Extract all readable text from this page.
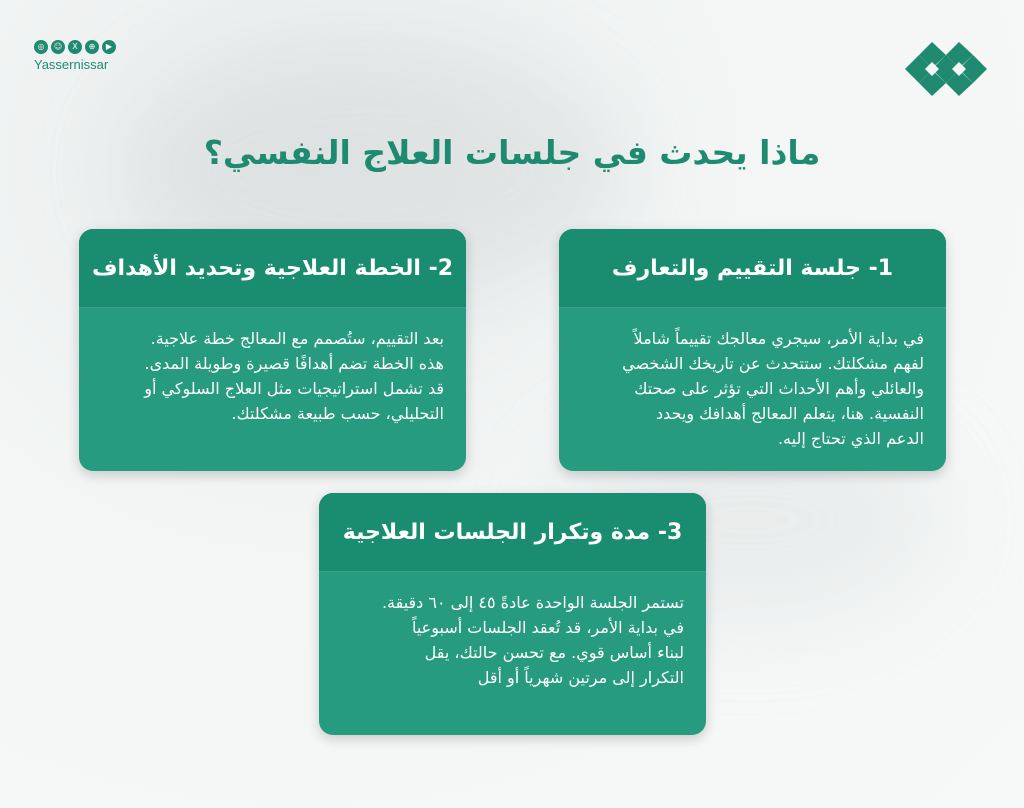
◎	☺	X	⊕	▶
Yassernissar
ماذا يحدث في جلسات العلاج النفسي؟
1- جلسة التقييم والتعارف
في بداية الأمر، سيجري معالجك تقييماً شاملاً
لفهم مشكلتك. ستتحدث عن تاريخك الشخصي
والعائلي وأهم الأحداث التي تؤثر على صحتك
النفسية. هنا، يتعلم المعالج أهدافك ويحدد
الدعم الذي تحتاج إليه.
2- الخطة العلاجية وتحديد الأهداف
بعد التقييم، ستُصمم مع المعالج خطة علاجية.
هذه الخطة تضم أهدافًا قصيرة وطويلة المدى.
قد تشمل استراتيجيات مثل العلاج السلوكي أو
التحليلي، حسب طبيعة مشكلتك.
3- مدة وتكرار الجلسات العلاجية
تستمر الجلسة الواحدة عادةً ٤٥ إلى ٦٠ دقيقة.
في بداية الأمر، قد تُعقد الجلسات أسبوعياً
لبناء أساس قوي. مع تحسن حالتك، يقل
التكرار إلى مرتين شهرياً أو أقل
